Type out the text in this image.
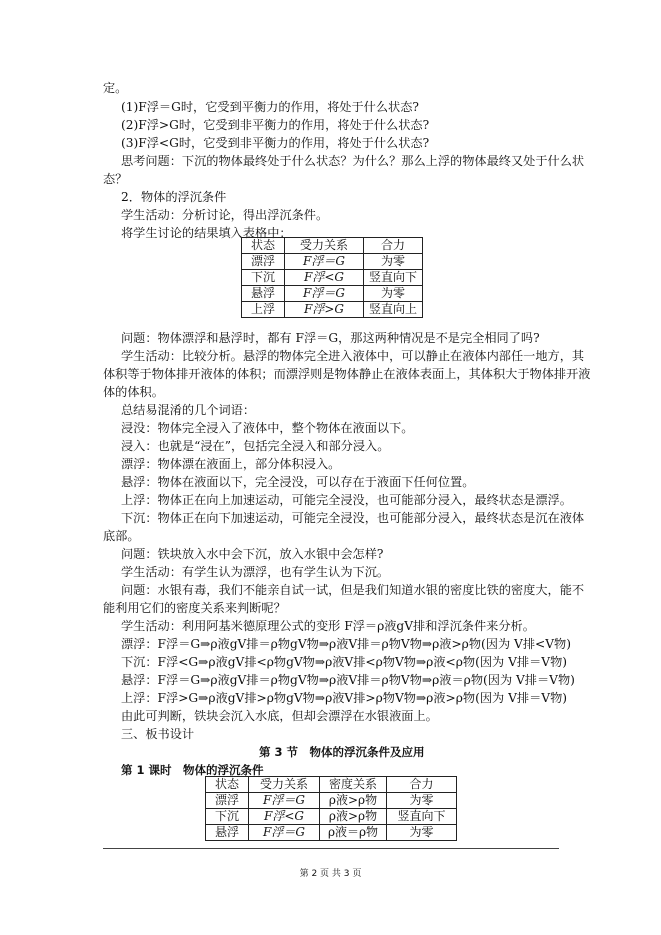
定。
(1)F浮＝G时，它受到平衡力的作用，将处于什么状态?
(2)F浮>G时，它受到非平衡力的作用，将处于什么状态?
(3)F浮<G时，它受到非平衡力的作用，将处于什么状态?
思考问题：下沉的物体最终处于什么状态？为什么？那么上浮的物体最终又处于什么状
态？
2．物体的浮沉条件
学生活动：分析讨论，得出浮沉条件。
将学生讨论的结果填入表格中：
状态	受力关系	合力
漂浮	F浮＝G	为零
下沉	F浮<G	竖直向下
悬浮	F浮＝G	为零
上浮	F浮>G	竖直向上
问题：物体漂浮和悬浮时，都有 F浮＝G，那这两种情况是不是完全相同了吗?
学生活动：比较分析。悬浮的物体完全进入液体中，可以静止在液体内部任一地方，其
体积等于物体排开液体的体积；而漂浮则是物体静止在液体表面上，其体积大于物体排开液
体的体积。
总结易混淆的几个词语：
浸没：物体完全浸入了液体中，整个物体在液面以下。
浸入：也就是“浸在”，包括完全浸入和部分浸入。
漂浮：物体漂在液面上，部分体积浸入。
悬浮：物体在液面以下，完全浸没，可以存在于液面下任何位置。
上浮：物体正在向上加速运动，可能完全浸没，也可能部分浸入，最终状态是漂浮。
下沉：物体正在向下加速运动，可能完全浸没，也可能部分浸入，最终状态是沉在液体
底部。
问题：铁块放入水中会下沉，放入水银中会怎样?
学生活动：有学生认为漂浮，也有学生认为下沉。
问题：水银有毒，我们不能亲自试一试，但是我们知道水银的密度比铁的密度大，能不
能利用它们的密度关系来判断呢？
学生活动：利用阿基米德原理公式的变形 F浮＝ρ液gV排和浮沉条件来分析。
漂浮：F浮＝G⇒ρ液gV排＝ρ物gV物⇒ρ液V排＝ρ物V物⇒ρ液>ρ物(因为 V排<V物)
下沉：F浮<G⇒ρ液gV排<ρ物gV物⇒ρ液V排<ρ物V物⇒ρ液<ρ物(因为 V排＝V物)
悬浮：F浮＝G⇒ρ液gV排＝ρ物gV物⇒ρ液V排＝ρ物V物⇒ρ液＝ρ物(因为 V排＝V物)
上浮：F浮>G⇒ρ液gV排>ρ物gV物⇒ρ液V排>ρ物V物⇒ρ液>ρ物(因为 V排＝V物)
由此可判断，铁块会沉入水底，但却会漂浮在水银液面上。
三、板书设计
第 3 节　物体的浮沉条件及应用
第 1 课时　物体的浮沉条件
状态	受力关系	密度关系	合力
漂浮	F浮＝G	ρ液>ρ物	为零
下沉	F浮<G	ρ液>ρ物	竖直向下
悬浮	F浮＝G	ρ液＝ρ物	为零
第 2 页 共 3 页
